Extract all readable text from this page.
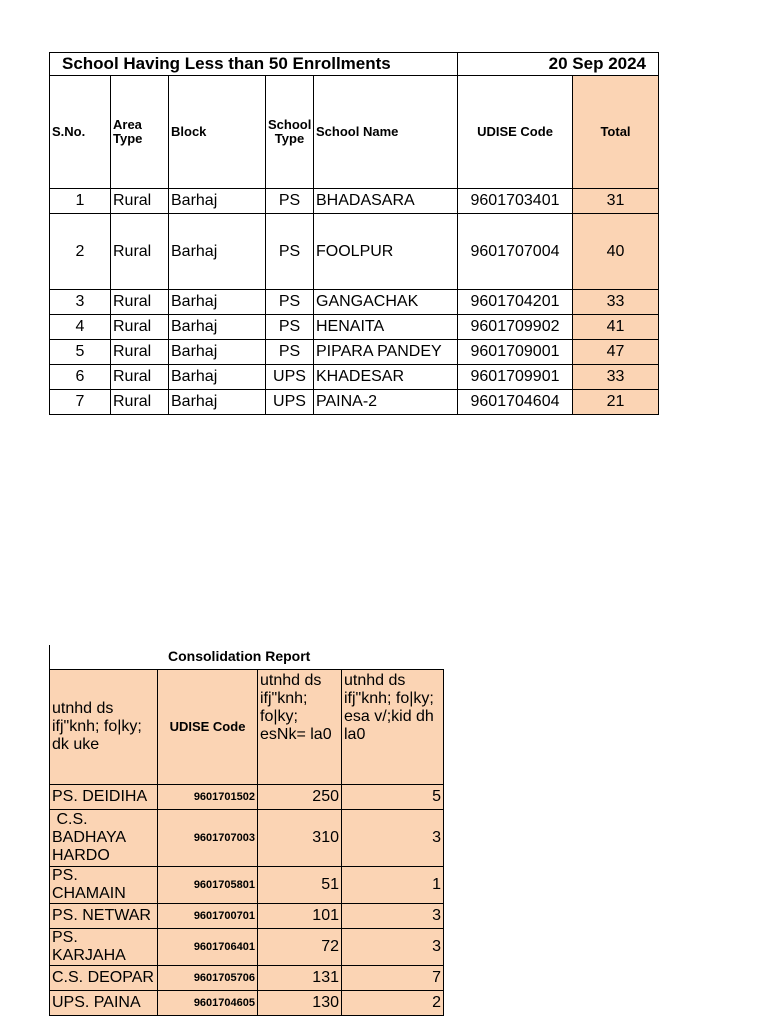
School Having Less than 50 Enrollments					20 Sep 2024	
S.No.	Area Type	Block	School Type	School Name	UDISE Code	Total
1	Rural	Barhaj	PS	BHADASARA	9601703401	31
2	Rural	Barhaj	PS	FOOLPUR	9601707004	40
3	Rural	Barhaj	PS	GANGACHAK	9601704201	33
4	Rural	Barhaj	PS	HENAITA	9601709902	41
5	Rural	Barhaj	PS	PIPARA PANDEY	9601709001	47
6	Rural	Barhaj	UPS	KHADESAR	9601709901	33
7	Rural	Barhaj	UPS	PAINA-2	9601704604	21
Consolidation Report
utnhd ds ifj"knh; fo|ky; dk uke	UDISE Code	utnhd ds ifj"knh; fo|ky; esNk= la0	utnhd ds ifj"knh; fo|ky; esa v/;kid dh la0
PS. DEIDIHA	9601701502	250	5
C.S. BADHAYA HARDO	9601707003	310	3
PS. CHAMAIN	9601705801	51	1
PS. NETWAR	9601700701	101	3
PS. KARJAHA	9601706401	72	3
C.S. DEOPAR	9601705706	131	7
UPS. PAINA	9601704605	130	2
